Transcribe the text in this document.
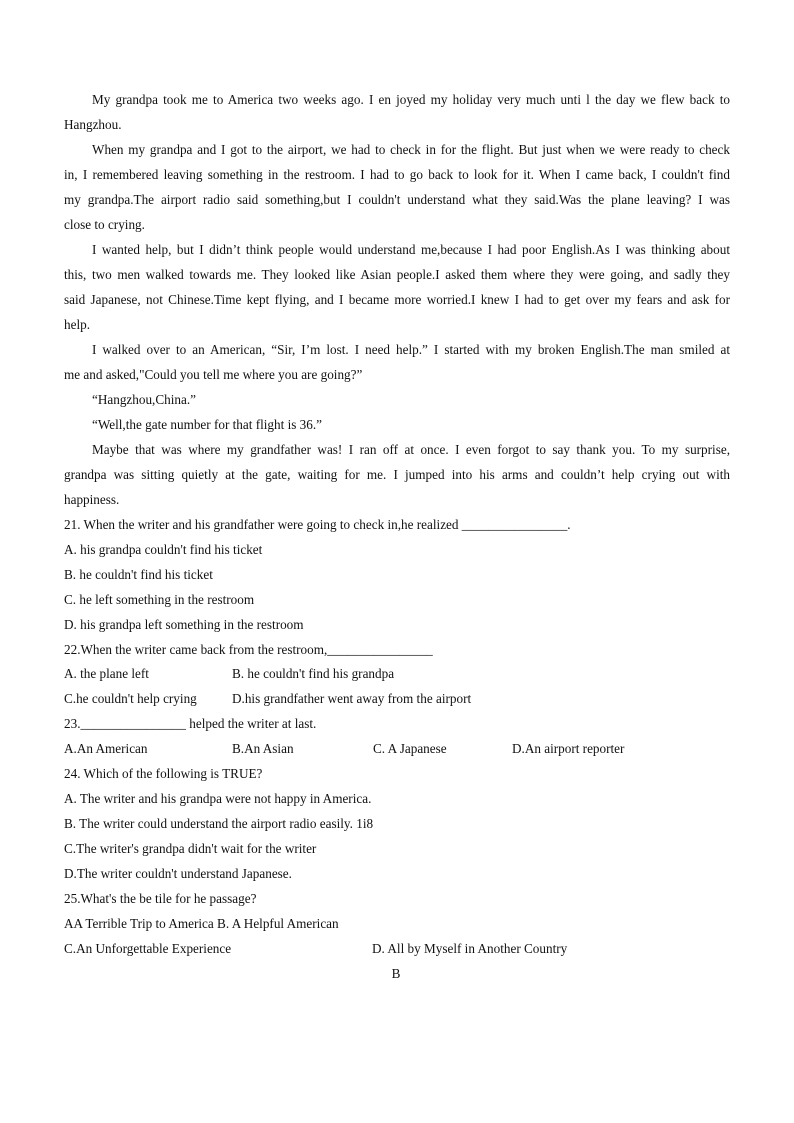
My grandpa took me to America two weeks ago. I en joyed my holiday very much unti l the day we flew back to
Hangzhou.
When my grandpa and I got to the airport, we had to check in for the flight. But just when we were ready to check
in, I remembered leaving something in the restroom. I had to go back to look for it. When I came back, I couldn't find
my grandpa.The airport radio said something,but I couldn't understand what they said.Was the plane leaving? I was
close to crying.
I wanted help, but I didn’t think people would understand me,because I had poor English.As I was thinking about
this, two men walked towards me. They looked like Asian people.I asked them where they were going, and sadly they
said Japanese, not Chinese.Time kept flying, and I became more worried.I knew I had to get over my fears and ask for
help.
I walked over to an American, “Sir, I’m lost. I need help.” I started with my broken English.The man smiled at
me and asked,"Could you tell me where you are going?”
“Hangzhou,China.”
“Well,the gate number for that flight is 36.”
Maybe that was where my grandfather was! I ran off at once. I even forgot to say thank you. To my surprise,
grandpa was sitting quietly at the gate, waiting for me. I jumped into his arms and couldn’t help crying out with
happiness.
21. When the writer and his grandfather were going to check in,he realized ________________.
A. his grandpa couldn't find his ticket
B. he couldn't find his ticket
C. he left something in the restroom
D. his grandpa left something in the restroom
22.When the writer came back from the restroom,________________
A. the plane left	B. he couldn't find his grandpa
C.he couldn't help crying	D.his grandfather went away from the airport
23.________________ helped the writer at last.
A.An American	B.An Asian	C. A Japanese	D.An airport reporter
24. Which of the following is TRUE?
A. The writer and his grandpa were not happy in America.
B. The writer could understand the airport radio easily. 1i8
C.The writer's grandpa didn't wait for the writer
D.The writer couldn't understand Japanese.
25.What's the be tile for he passage?
AA Terrible Trip to America B. A Helpful American
C.An Unforgettable Experience	D. All by Myself in Another Country
B
